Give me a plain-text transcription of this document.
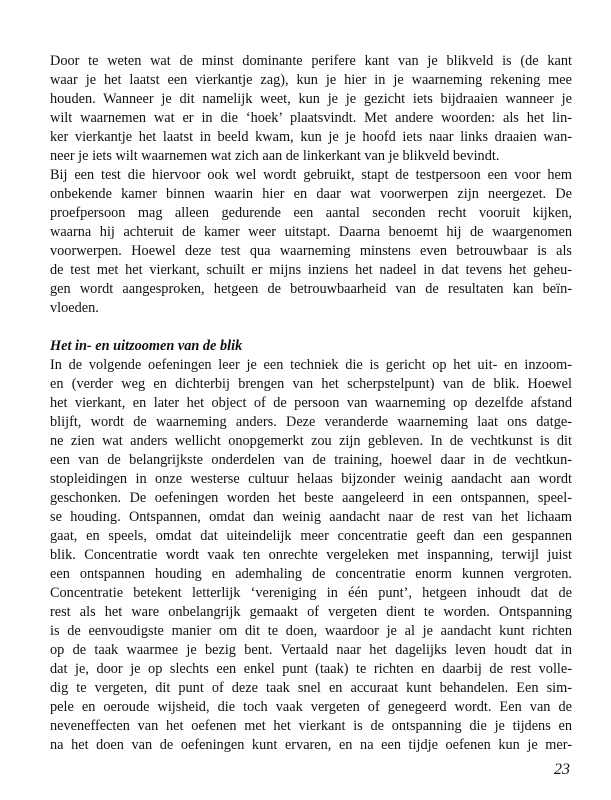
Door te weten wat de minst dominante perifere kant van je blikveld is (de kant
waar je het laatst een vierkantje zag), kun je hier in je waarneming rekening mee
houden. Wanneer je dit namelijk weet, kun je je gezicht iets bijdraaien wanneer je
wilt waarnemen wat er in die ‘hoek’ plaatsvindt. Met andere woorden: als het lin-
ker vierkantje het laatst in beeld kwam, kun je je hoofd iets naar links draaien wan-
neer je iets wilt waarnemen wat zich aan de linkerkant van je blikveld bevindt.
Bij een test die hiervoor ook wel wordt gebruikt, stapt de testpersoon een voor hem
onbekende kamer binnen waarin hier en daar wat voorwerpen zijn neergezet. De
proefpersoon mag alleen gedurende een aantal seconden recht vooruit kijken,
waarna hij achteruit de kamer weer uitstapt. Daarna benoemt hij de waargenomen
voorwerpen. Hoewel deze test qua waarneming minstens even betrouwbaar is als
de test met het vierkant, schuilt er mijns inziens het nadeel in dat tevens het geheu-
gen wordt aangesproken, hetgeen de betrouwbaarheid van de resultaten kan beïn-
vloeden.
Het in- en uitzoomen van de blik
In de volgende oefeningen leer je een techniek die is gericht op het uit- en inzoom-
en (verder weg en dichterbij brengen van het scherpstelpunt) van de blik. Hoewel
het vierkant, en later het object of de persoon van waarneming op dezelfde afstand
blijft, wordt de waarneming anders. Deze veranderde waarneming laat ons datge-
ne zien wat anders wellicht onopgemerkt zou zijn gebleven. In de vechtkunst is dit
een van de belangrijkste onderdelen van de training, hoewel daar in de vechtkun-
stopleidingen in onze westerse cultuur helaas bijzonder weinig aandacht aan wordt
geschonken. De oefeningen worden het beste aangeleerd in een ontspannen, speel-
se houding. Ontspannen, omdat dan weinig aandacht naar de rest van het lichaam
gaat, en speels, omdat dat uiteindelijk meer concentratie geeft dan een gespannen
blik. Concentratie wordt vaak ten onrechte vergeleken met inspanning, terwijl juist
een ontspannen houding en ademhaling de concentratie enorm kunnen vergroten.
Concentratie betekent letterlijk ‘vereniging in één punt’, hetgeen inhoudt dat de
rest als het ware onbelangrijk gemaakt of vergeten dient te worden. Ontspanning
is de eenvoudigste manier om dit te doen, waardoor je al je aandacht kunt richten
op de taak waarmee je bezig bent. Vertaald naar het dagelijks leven houdt dat in
dat je, door je op slechts een enkel punt (taak) te richten en daarbij de rest volle-
dig te vergeten, dit punt of deze taak snel en accuraat kunt behandelen. Een sim-
pele en oeroude wijsheid, die toch vaak vergeten of genegeerd wordt. Een van de
neveneffecten van het oefenen met het vierkant is de ontspanning die je tijdens en
na het doen van de oefeningen kunt ervaren, en na een tijdje oefenen kun je mer-
23
